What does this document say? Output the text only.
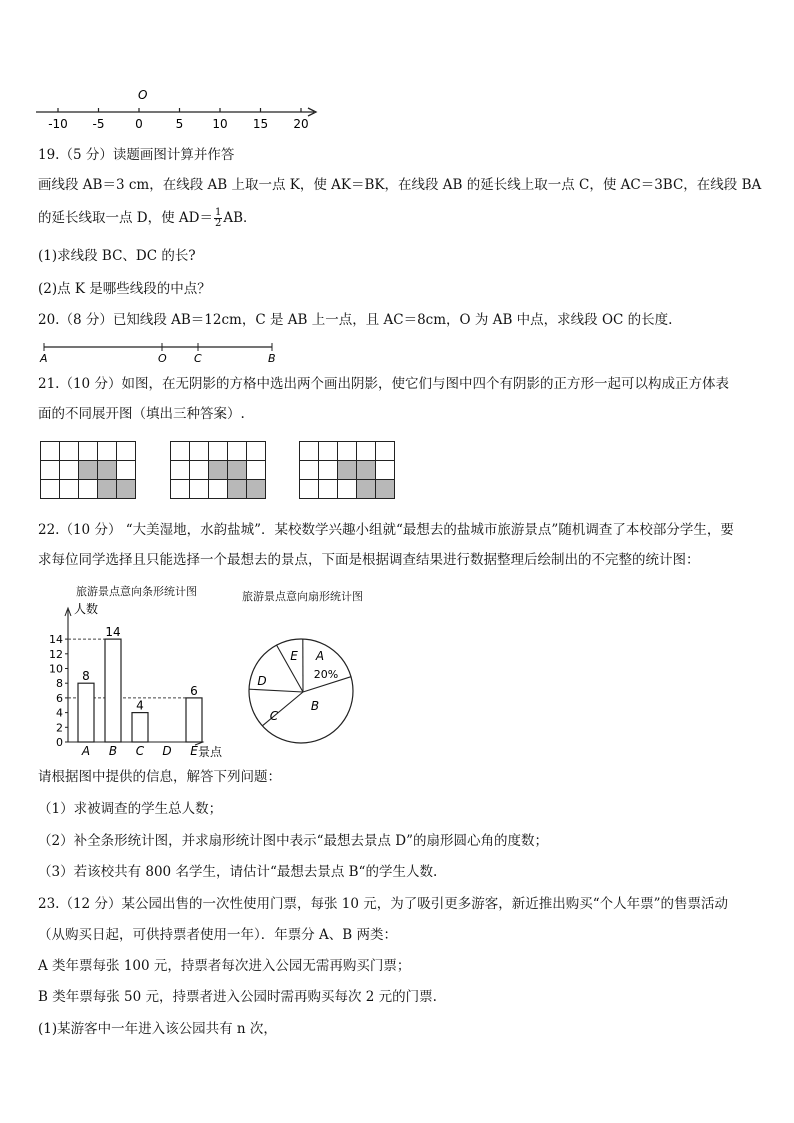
O
-10 -5	0	5 10 15 20
19.（5 分）读题画图计算并作答
画线段 AB＝3 cm，在线段 AB 上取一点 K，使 AK＝BK，在线段 AB 的延长线上取一点 C，使 AC＝3BC，在线段 BA
的延长线取一点 D，使 $AD= \frac{1}{2}$ AB．
(1)求线段 BC、DC 的长?
(2)点 K 是哪些线段的中点？
20.（8 分）已知线段 AB＝12cm，C 是 AB 上一点，且 AC＝8cm，O 为 AB 中点，求线段 OC 的长度.
A	O C	B
21.（10 分）如图，在无阴影的方格中选出两个画出阴影，使它们与图中四个有阴影的正方形一起可以构成正方体表
面的不同展开图（填出三种答案）.

22.（10 分） “大美湿地，水韵盐城”．某校数学兴趣小组就“最想去的盐城市旅游景点”随机调查了本校部分学生，要
求每位同学选择且只能选择一个最想去的景点，下面是根据调查结果进行数据整理后绘制出的不完整的统计图：
旅游景点意向条形统计图	旅游景点意向扇形统计图
人数
景点
0
2
4
6
8
10
12
14
8
A
14
B
4
C D
6
E
A
B
C
D
E
20%
请根据图中提供的信息，解答下列问题：
（1）求被调查的学生总人数；
（2）补全条形统计图，并求扇形统计图中表示“最想去景点 D”的扇形圆心角的度数；
（3）若该校共有 800 名学生，请估计“最想去景点 B“的学生人数.
23.（12 分）某公园出售的一次性使用门票，每张 10 元，为了吸引更多游客，新近推出购买“个人年票”的售票活动
（从购买日起，可供持票者使用一年）．年票分 A、B 两类：
A 类年票每张 100 元，持票者每次进入公园无需再购买门票；
B 类年票每张 50 元，持票者进入公园时需再购买每次 2 元的门票.
(1)某游客中一年进入该公园共有 n 次，
